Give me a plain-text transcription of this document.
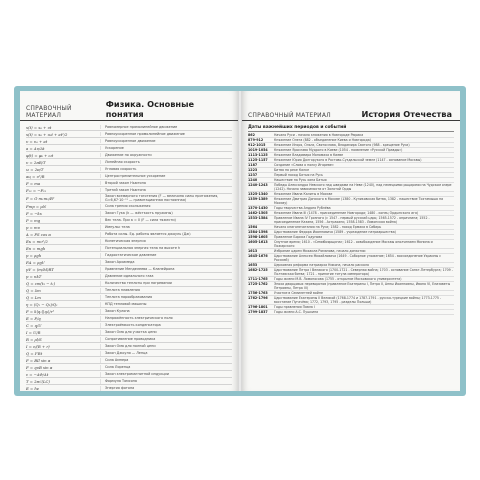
СПРАВОЧНЫЙ МАТЕРИАЛ
Физика. Основные понятия
x(t) = x₀ + υt	Равномерное прямолинейное движение
x(t) = x₀ + υ₀t + at²/2	Равноускоренное прямолинейное движение
υ = υ₀ + at	Равноускоренное движение
a = Δυ/Δt	Ускорение
φ(t) = φ₀ + ωt	Движение по окружности
υ = 2πR/T	Линейная скорость
ω = 2π/T	Угловая скорость
aц = υ²/R	Центростремительное ускорение
F = ma	Второй закон Ньютона
F₁₂ = −F₂₁	Третий закон Ньютона
F = G·m₁m₂/R²	Закон всемирного тяготения (F — величина силы притяжения, G=6,67·10⁻¹¹ — гравитационная постоянная)
Fтр = μN	Сила трения скольжения
F = −kx	Закон Гука (k — жёсткость пружины)
P = mg	Вес тела. При a = 0 (F — сила тяжести)
p = mυ	Импульс тела
A = FS cos α	Работа силы. Ед. работы является джоуль (Дж)
Eк = mυ²/2	Кинетическая энергия
Eп = mgh	Потенциальная энергия тела на высоте h
p = ρgh	Гидростатическое давление
FА = ρgV	Закон Архимеда
pV = (m/M)RT	Уравнение Менделеева — Клапейрона
p = nkT	Давление идеального газа
Q = cm(t₂ − t₁)	Количество теплоты при нагревании
Q = λm	Теплота плавления
Q = Lm	Теплота парообразования
η = (Q₁ − Q₂)/Q₁	КПД тепловой машины
F = k|q₁||q₂|/r²	Закон Кулона
E = F/q	Напряжённость электрического поля
C = q/U	Электроёмкость конденсатора
I = U/R	Закон Ома для участка цепи
R = ρl/S	Сопротивление проводника
I = ε/(R + r)	Закон Ома для полной цепи
Q = I²Rt	Закон Джоуля — Ленца
F = BIl sin α	Сила Ампера
F = qυB sin α	Сила Лоренца
ε = −ΔΦ/Δt	Закон электромагнитной индукции
T = 2π√(LC)	Формула Томсона
E = hν	Энергия фотона
СПРАВОЧНЫЙ МАТЕРИАЛ	История Отечества
Даты важнейших периодов и событий
862	Начало Руси - начало княжения в Новгороде Рюрика
879-912	Княжение Олега (882 - объединение Киева и Новгорода)
912-1015	Княжение Игоря, Ольги, Святослава, Владимира Святого (988 - крещение Руси)
1019-1054	Княжение Ярослава Мудрого в Киеве (1054 - появление «Русской Правды»)
1113-1125	Княжение Владимира Мономаха в Киеве
1125-1157	Княжение Юрия Долгорукого в Ростово-Суздальской земле (1147 - основание Москвы)
1187	Создание «Слова о полку Игореве»
1223	Битва на реке Калке
1237	Первый поход Батыя на Русь
1240	Нашествие на Русь хана Батыя
1240-1243	Победы Александра Невского над шведами на Неве (1240), над немецкими рыцарями на Чудском озере (1242). Начало зависимости от Золотой Орды
1325-1340	Княжение Ивана Калиты в Москве
1359-1389	Княжение Дмитрия Донского в Москве (1380 - Куликовская битва, 1382 - нашествие Тохтамыша на Москву)
1370-1430	Годы творчества Андрея Рублёва
1462-1505	Княжение Ивана III (1478 - присоединение Новгорода; 1480 - конец Ордынского ига)
1533-1584	Правление Ивана IV Грозного (с 1547 - первый русский царь; 1565-1572 - опричнина; 1552 - присоединение Казани, 1556 - Астрахани, 1558-1583 - Ливонская война)
1564	Начало книгопечатания на Руси; 1582 - поход Ермака в Сибирь
1584-1598	Царствование Федора Иоанновича (1589 - учреждение патриаршества)
1598-1605	Правление Бориса Годунова
1605-1613	Смутное время; 1610 - «Семибоярщина»; 1612 - освобождение Москвы ополчением Минина и Пожарского
1613	Избрание царем Михаила Романова, начало династии
1645-1676	Царствование Алексея Михайловича (1649 - Соборное уложение; 1654 - воссоединение Украины с Россией)
1653	Церковная реформа патриарха Никона, начало раскола
1682-1725	Царствование Петра I Великого (1700-1721 - Северная война; 1703 - основание Санкт-Петербурга; 1709 - Полтавская битва; 1721 - принятие титула императора)
1711-1765	Годы жизни М.В. Ломоносова (1755 - открытие Московского университета)
1725-1762	Эпоха дворцовых переворотов (правление Екатерины I, Петра II, Анны Иоанновны, Ивана VI, Елизаветы Петровны, Петра III)
1756-1763	Участие в Семилетней войне
1762-1796	Царствование Екатерины II Великой (1768-1774 и 1787-1791 - русско-турецкие войны; 1773-1775 - восстание Пугачёва; 1772, 1793, 1795 - разделы Польши)
1796-1801	Годы правления Павла I
1799-1837	Годы жизни А.С. Пушкина
